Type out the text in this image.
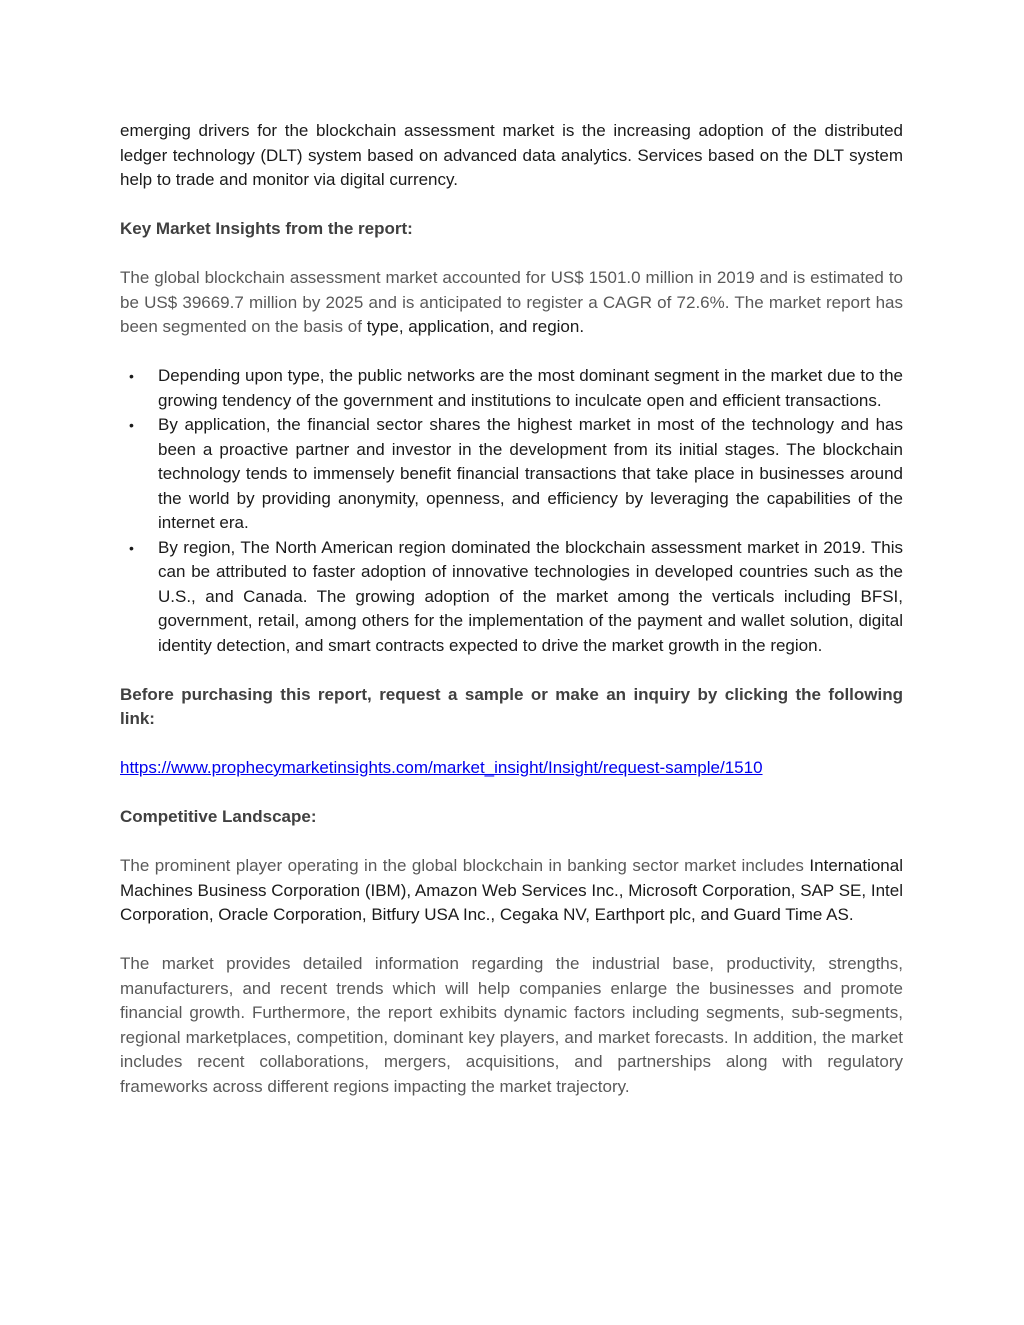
emerging drivers for the blockchain assessment market is the increasing adoption of the distributed ledger technology (DLT) system based on advanced data analytics. Services based on the DLT system help to trade and monitor via digital currency.

Key Market Insights from the report:

The global blockchain assessment market accounted for US$ 1501.0 million in 2019 and is estimated to be US$ 39669.7 million by 2025 and is anticipated to register a CAGR of 72.6%. The market report has been segmented on the basis of type, application, and region.

• Depending upon type, the public networks are the most dominant segment in the market due to the growing tendency of the government and institutions to inculcate open and efficient transactions.
• By application, the financial sector shares the highest market in most of the technology and has been a proactive partner and investor in the development from its initial stages. The blockchain technology tends to immensely benefit financial transactions that take place in businesses around the world by providing anonymity, openness, and efficiency by leveraging the capabilities of the internet era.
• By region, The North American region dominated the blockchain assessment market in 2019. This can be attributed to faster adoption of innovative technologies in developed countries such as the U.S., and Canada. The growing adoption of the market among the verticals including BFSI, government, retail, among others for the implementation of the payment and wallet solution, digital identity detection, and smart contracts expected to drive the market growth in the region.

Before purchasing this report, request a sample or make an inquiry by clicking the following link:

https://www.prophecymarketinsights.com/market_insight/Insight/request-sample/1510

Competitive Landscape:

The prominent player operating in the global blockchain in banking sector market includes International Machines Business Corporation (IBM), Amazon Web Services Inc., Microsoft Corporation, SAP SE, Intel Corporation, Oracle Corporation, Bitfury USA Inc., Cegaka NV, Earthport plc, and Guard Time AS.

The market provides detailed information regarding the industrial base, productivity, strengths, manufacturers, and recent trends which will help companies enlarge the businesses and promote financial growth. Furthermore, the report exhibits dynamic factors including segments, sub-segments, regional marketplaces, competition, dominant key players, and market forecasts. In addition, the market includes recent collaborations, mergers, acquisitions, and partnerships along with regulatory frameworks across different regions impacting the market trajectory.
